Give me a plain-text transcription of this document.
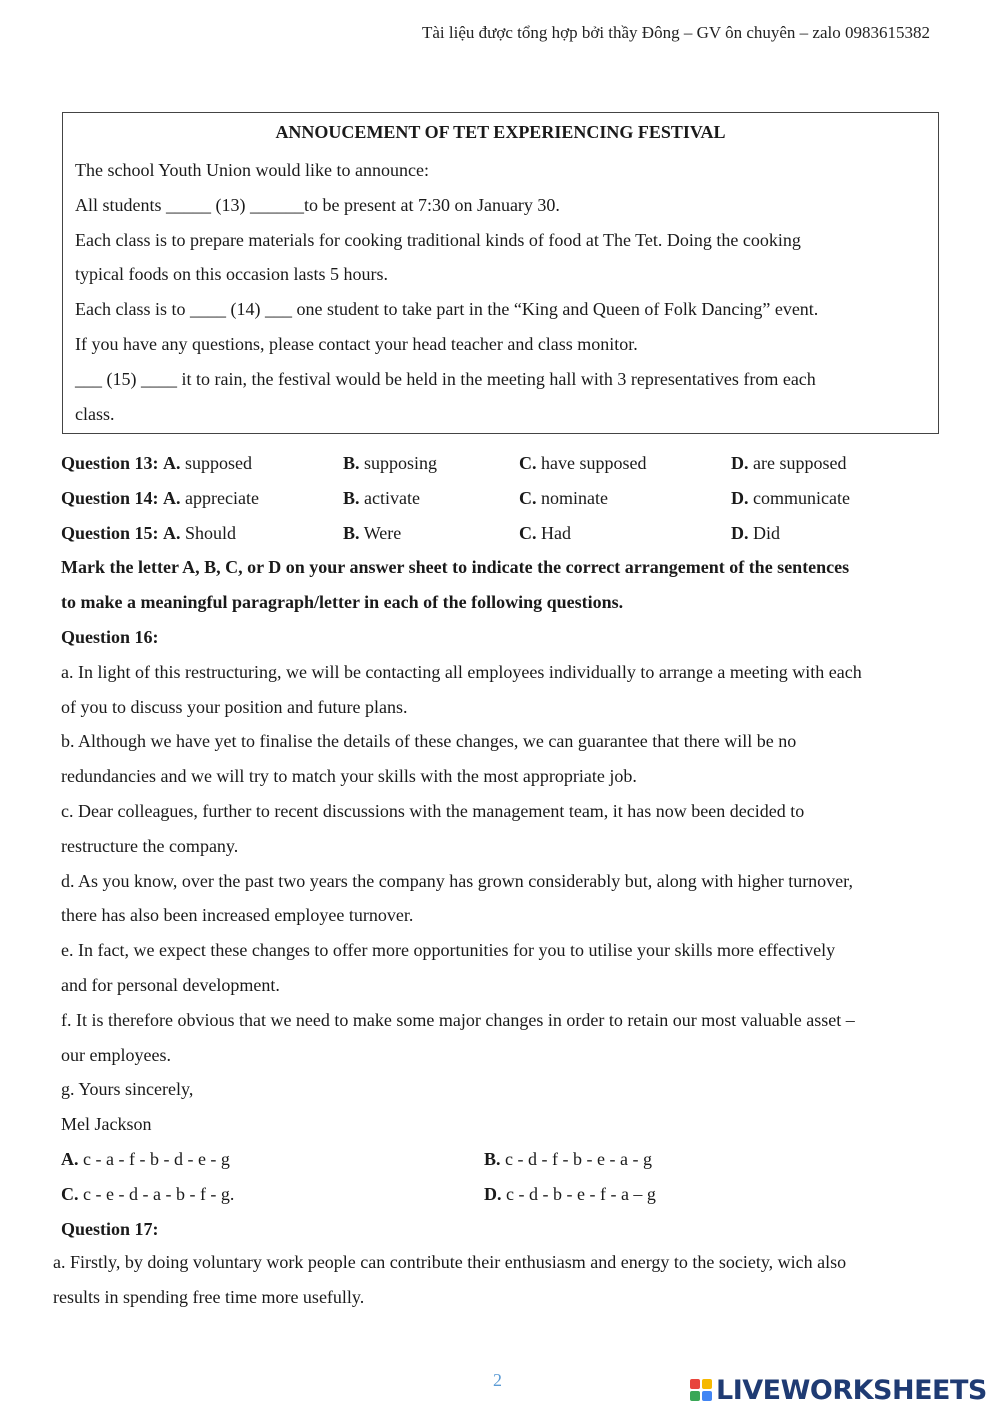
Tài liệu được tổng hợp bởi thầy Đông – GV ôn chuyên – zalo 0983615382
ANNOUCEMENT OF TET EXPERIENCING FESTIVAL
The school Youth Union would like to announce:
All students _____ (13) ______to be present at 7:30 on January 30.
Each class is to prepare materials for cooking traditional kinds of food at The Tet. Doing the cooking
typical foods on this occasion lasts 5 hours.
Each class is to ____ (14) ___ one student to take part in the “King and Queen of Folk Dancing” event.
If you have any questions, please contact your head teacher and class monitor.
___ (15) ____ it to rain, the festival would be held in the meeting hall with 3 representatives from each
class.
Question 13: A. supposed	B. supposing	C. have supposed	D. are supposed
Question 14: A. appreciate	B. activate	C. nominate	D. communicate
Question 15: A. Should	B. Were	C. Had	D. Did
Mark the letter A, B, C, or D on your answer sheet to indicate the correct arrangement of the sentences
to make a meaningful paragraph/letter in each of the following questions.
Question 16:
a. In light of this restructuring, we will be contacting all employees individually to arrange a meeting with each
of you to discuss your position and future plans.
b. Although we have yet to finalise the details of these changes, we can guarantee that there will be no
redundancies and we will try to match your skills with the most appropriate job.
c. Dear colleagues, further to recent discussions with the management team, it has now been decided to
restructure the company.
d. As you know, over the past two years the company has grown considerably but, along with higher turnover,
there has also been increased employee turnover.
e. In fact, we expect these changes to offer more opportunities for you to utilise your skills more effectively
and for personal development.
f. It is therefore obvious that we need to make some major changes in order to retain our most valuable asset –
our employees.
g. Yours sincerely,
Mel Jackson
A. c - a - f - b - d - e - g	B. c - d - f - b - e - a - g
C. c - e - d - a - b - f - g.	D. c - d - b - e - f - a – g
Question 17:
a. Firstly, by doing voluntary work people can contribute their enthusiasm and energy to the society, wich also
results in spending free time more usefully.
2	LIVEWORKSHEETS
